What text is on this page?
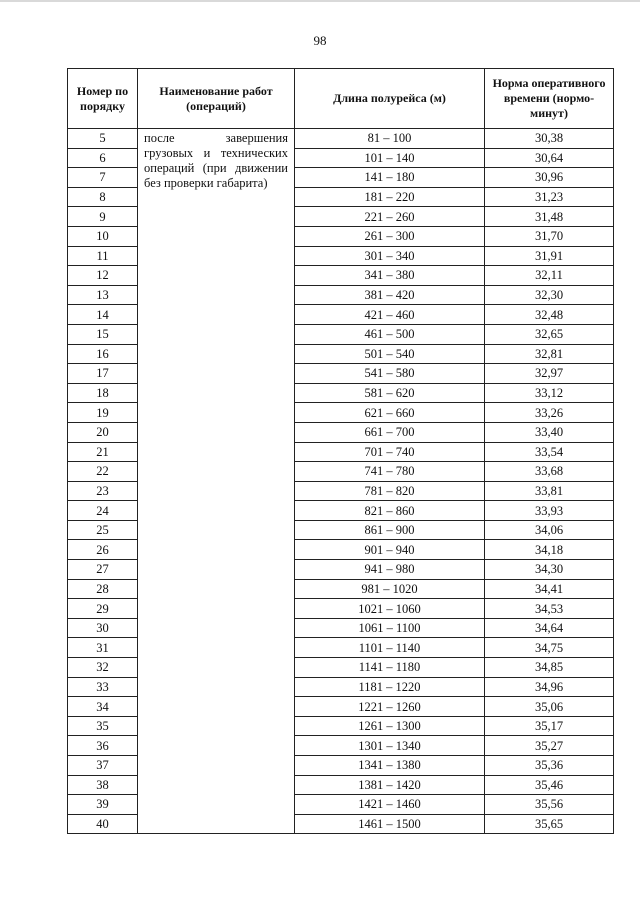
98
Номер по порядку	Наименование работ (операций)	Длина полурейса (м)	Норма оперативного времени (нормо-минут)
5	после завершения грузовых и технических операций (при движении без проверки габарита)	81 – 100	30,38
6		101 – 140	30,64
7		141 – 180	30,96
8		181 – 220	31,23
9		221 – 260	31,48
10		261 – 300	31,70
11		301 – 340	31,91
12		341 – 380	32,11
13		381 – 420	32,30
14		421 – 460	32,48
15		461 – 500	32,65
16		501 – 540	32,81
17		541 – 580	32,97
18		581 – 620	33,12
19		621 – 660	33,26
20		661 – 700	33,40
21		701 – 740	33,54
22		741 – 780	33,68
23		781 – 820	33,81
24		821 – 860	33,93
25		861 – 900	34,06
26		901 – 940	34,18
27		941 – 980	34,30
28		981 – 1020	34,41
29		1021 – 1060	34,53
30		1061 – 1100	34,64
31		1101 – 1140	34,75
32		1141 – 1180	34,85
33		1181 – 1220	34,96
34		1221 – 1260	35,06
35		1261 – 1300	35,17
36		1301 – 1340	35,27
37		1341 – 1380	35,36
38		1381 – 1420	35,46
39		1421 – 1460	35,56
40		1461 – 1500	35,65
